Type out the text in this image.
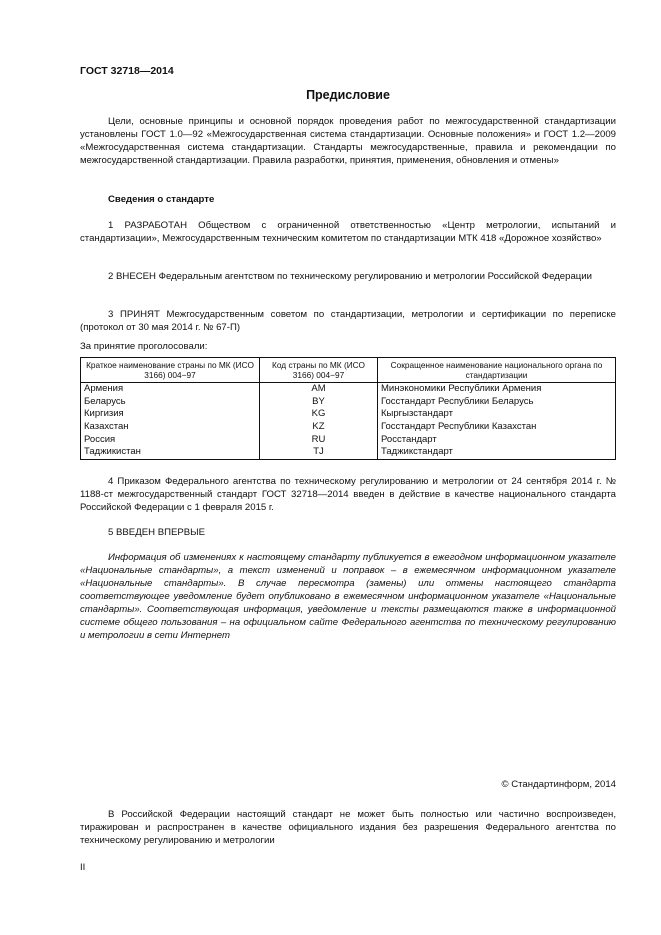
ГОСТ 32718—2014
Предисловие

Цели, основные принципы и основной порядок проведения работ по межгосударственной стандартизации установлены ГОСТ 1.0—92 «Межгосударственная система стандартизации. Основные положения» и ГОСТ 1.2—2009 «Межгосударственная система стандартизации. Стандарты межгосударственные, правила и рекомендации по межгосударственной стандартизации. Правила разработки, принятия, применения, обновления и отмены»

Сведения о стандарте

1 РАЗРАБОТАН Обществом с ограниченной ответственностью «Центр метрологии, испытаний и стандартизации», Межгосударственным техническим комитетом по стандартизации МТК 418 «Дорожное хозяйство»

2 ВНЕСЕН Федеральным агентством по техническому регулированию и метрологии Российской Федерации

3 ПРИНЯТ Межгосударственным советом по стандартизации, метрологии и сертификации по переписке (протокол от 30 мая 2014 г. № 67-П)

За принятие проголосовали:

Краткое наименование страны по МК (ИСО 3166) 004−97	Код страны по МК (ИСО 3166) 004−97	Сокращенное наименование национального органа по стандартизации
Армения	AM	Минэкономики Республики Армения
Беларусь	BY	Госстандарт Республики Беларусь
Киргизия	KG	Кыргызстандарт
Казахстан	KZ	Госстандарт Республики Казахстан
Россия	RU	Росстандарт
Таджикистан	TJ	Таджикстандарт

4 Приказом Федерального агентства по техническому регулированию и метрологии от 24 сентября 2014 г. № 1188-ст межгосударственный стандарт ГОСТ 32718—2014 введен в действие в качестве национального стандарта Российской Федерации с 1 февраля 2015 г.

5 ВВЕДЕН ВПЕРВЫЕ

Информация об изменениях к настоящему стандарту публикуется в ежегодном информационном указателе «Национальные стандарты», а текст изменений и поправок – в ежемесячном информационном указателе «Национальные стандарты». В случае пересмотра (замены) или отмены настоящего стандарта соответствующее уведомление будет опубликовано в ежемесячном информационном указателе «Национальные стандарты». Соответствующая информация, уведомление и тексты размещаются также в информационной системе общего пользования – на официальном сайте Федерального агентства по техническому регулированию и метрологии в сети Интернет

© Стандартинформ, 2014

В Российской Федерации настоящий стандарт не может быть полностью или частично воспроизведен, тиражирован и распространен в качестве официального издания без разрешения Федерального агентства по техническому регулированию и метрологии

II
